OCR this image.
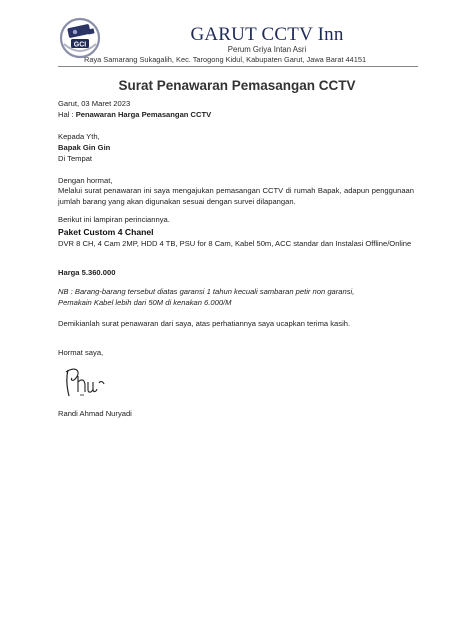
GCI	GARUT CCTV Inn
Perum Griya Intan Asri
Raya Samarang Sukagalih, Kec. Tarogong Kidul, Kabupaten Garut, Jawa Barat 44151
Surat Penawaran Pemasangan CCTV
Garut, 03 Maret 2023
Hal : Penawaran Harga Pemasangan CCTV
Kepada Yth,
Bapak Gin Gin
Di Tempat
Dengan hormat,
Melalui surat penawaran ini saya mengajukan pemasangan CCTV di rumah Bapak, adapun penggunaan jumlah barang yang akan digunakan sesuai dengan survei dilapangan.
Berikut ini lampiran perinciannya.
Paket Custom 4 Chanel
DVR 8 CH, 4 Cam 2MP, HDD 4 TB, PSU for 8 Cam, Kabel 50m, ACC standar dan Instalasi Offline/Online
Harga 5.360.000
NB : Barang-barang tersebut diatas garansi 1 tahun kecuali sambaran petir non garansi,
Pemakain Kabel lebih dari 50M di kenakan 6.000/M
Demikianlah surat penawaran dari saya, atas perhatiannya saya ucapkan terima kasih.
Hormat saya,
Randi Ahmad Nuryadi
